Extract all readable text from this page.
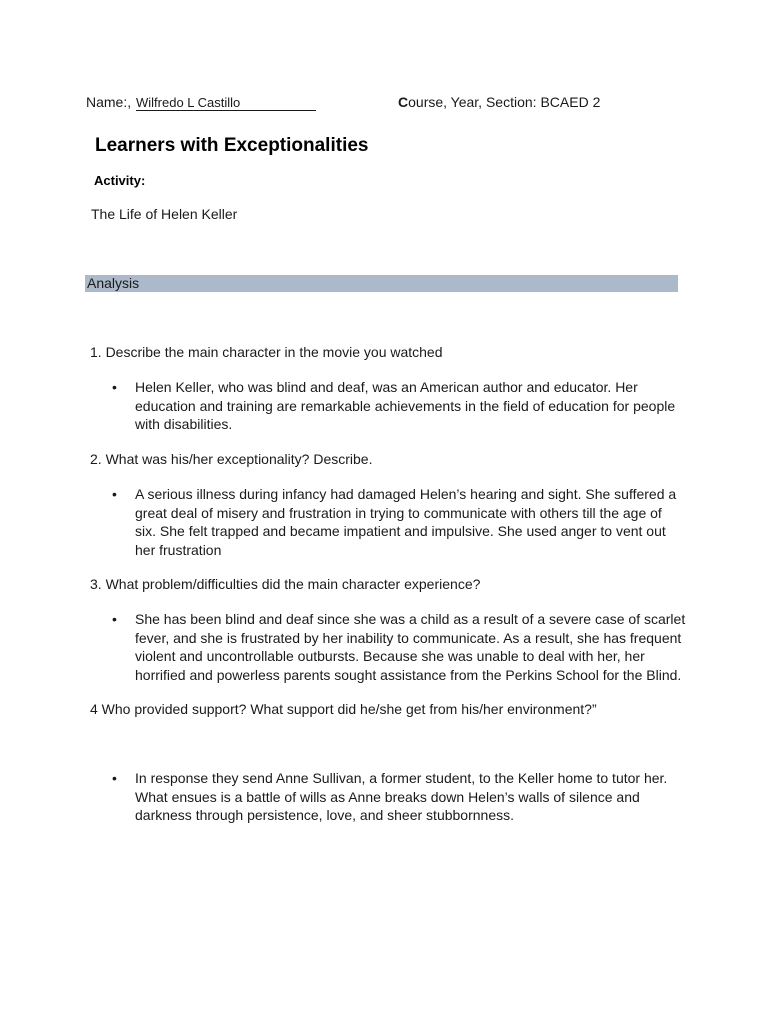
Name:, Wilfredo L Castillo	Course, Year, Section: BCAED 2
Learners with Exceptionalities
Activity:
The Life of Helen Keller
Analysis
1. Describe the main character in the movie you watched
• Helen Keller, who was blind and deaf, was an American author and educator. Her
education and training are remarkable achievements in the field of education for people
with disabilities.
2. What was his/her exceptionality? Describe.
• A serious illness during infancy had damaged Helen’s hearing and sight. She suffered a
great deal of misery and frustration in trying to communicate with others till the age of
six. She felt trapped and became impatient and impulsive. She used anger to vent out
her frustration
3. What problem/difficulties did the main character experience?
• She has been blind and deaf since she was a child as a result of a severe case of scarlet
fever, and she is frustrated by her inability to communicate. As a result, she has frequent
violent and uncontrollable outbursts. Because she was unable to deal with her, her
horrified and powerless parents sought assistance from the Perkins School for the Blind.
4 Who provided support? What support did he/she get from his/her environment?”
• In response they send Anne Sullivan, a former student, to the Keller home to tutor her.
What ensues is a battle of wills as Anne breaks down Helen’s walls of silence and
darkness through persistence, love, and sheer stubbornness.
